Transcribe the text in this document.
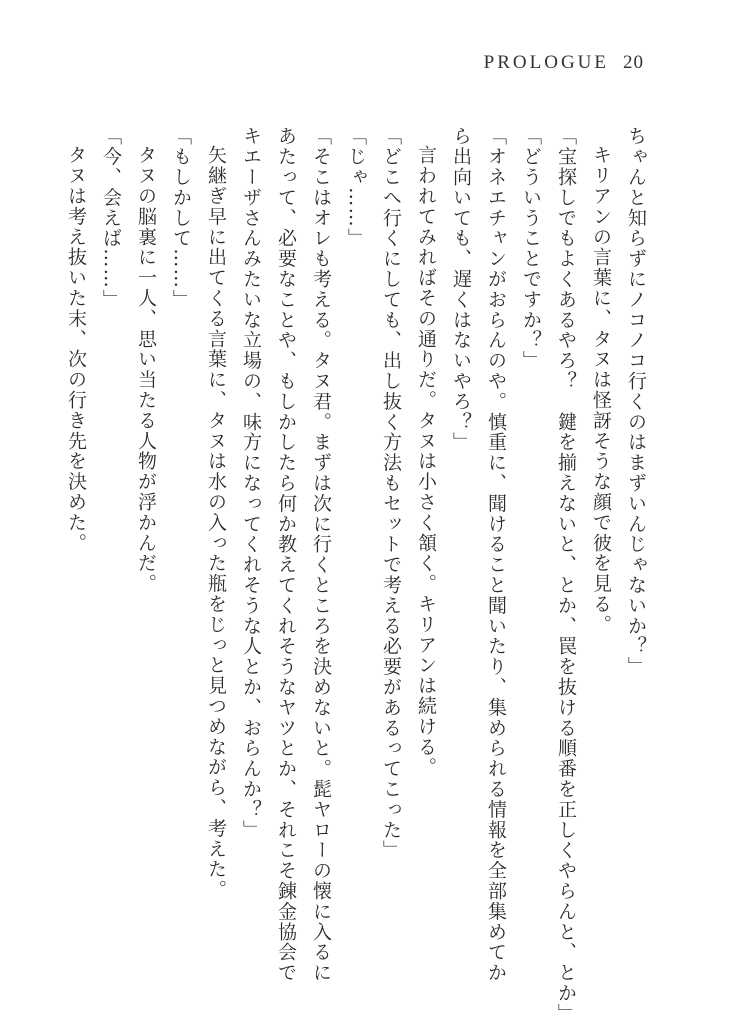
PROLOGUE 20

ちゃんと知らずにノコノコ行くのはまずいんじゃないか？」

キリアンの言葉に、タヌは怪訝そうな顔で彼を見る。

「宝探しでもよくあるやろ？　鍵を揃えないと、とか、罠を抜ける順番を正しくやらんと、とか」

「どういうことですか？」

「オネエチャンがおらんのや。慎重に、聞けること聞いたり、集められる情報を全部集めてか

ら出向いても、遅くはないやろ？」

言われてみればその通りだ。タヌは小さく頷く。キリアンは続ける。

「どこへ行くにしても、出し抜く方法もセットで考える必要があるってこった」

「じゃ……」

「そこはオレも考える。タヌ君。まずは次に行くところを決めないと。髭ヤローの懐に入るに

あたって、必要なことや、もしかしたら何か教えてくれそうなヤツとか、それこそ錬金協会で

キエーザさんみたいな立場の、味方になってくれそうな人とか、おらんか？」

矢継ぎ早に出てくる言葉に、タヌは水の入った瓶をじっと見つめながら、考えた。

「もしかして……」

タヌの脳裏に一人、思い当たる人物が浮かんだ。

「今、会えば……」

タヌは考え抜いた末、次の行き先を決めた。
